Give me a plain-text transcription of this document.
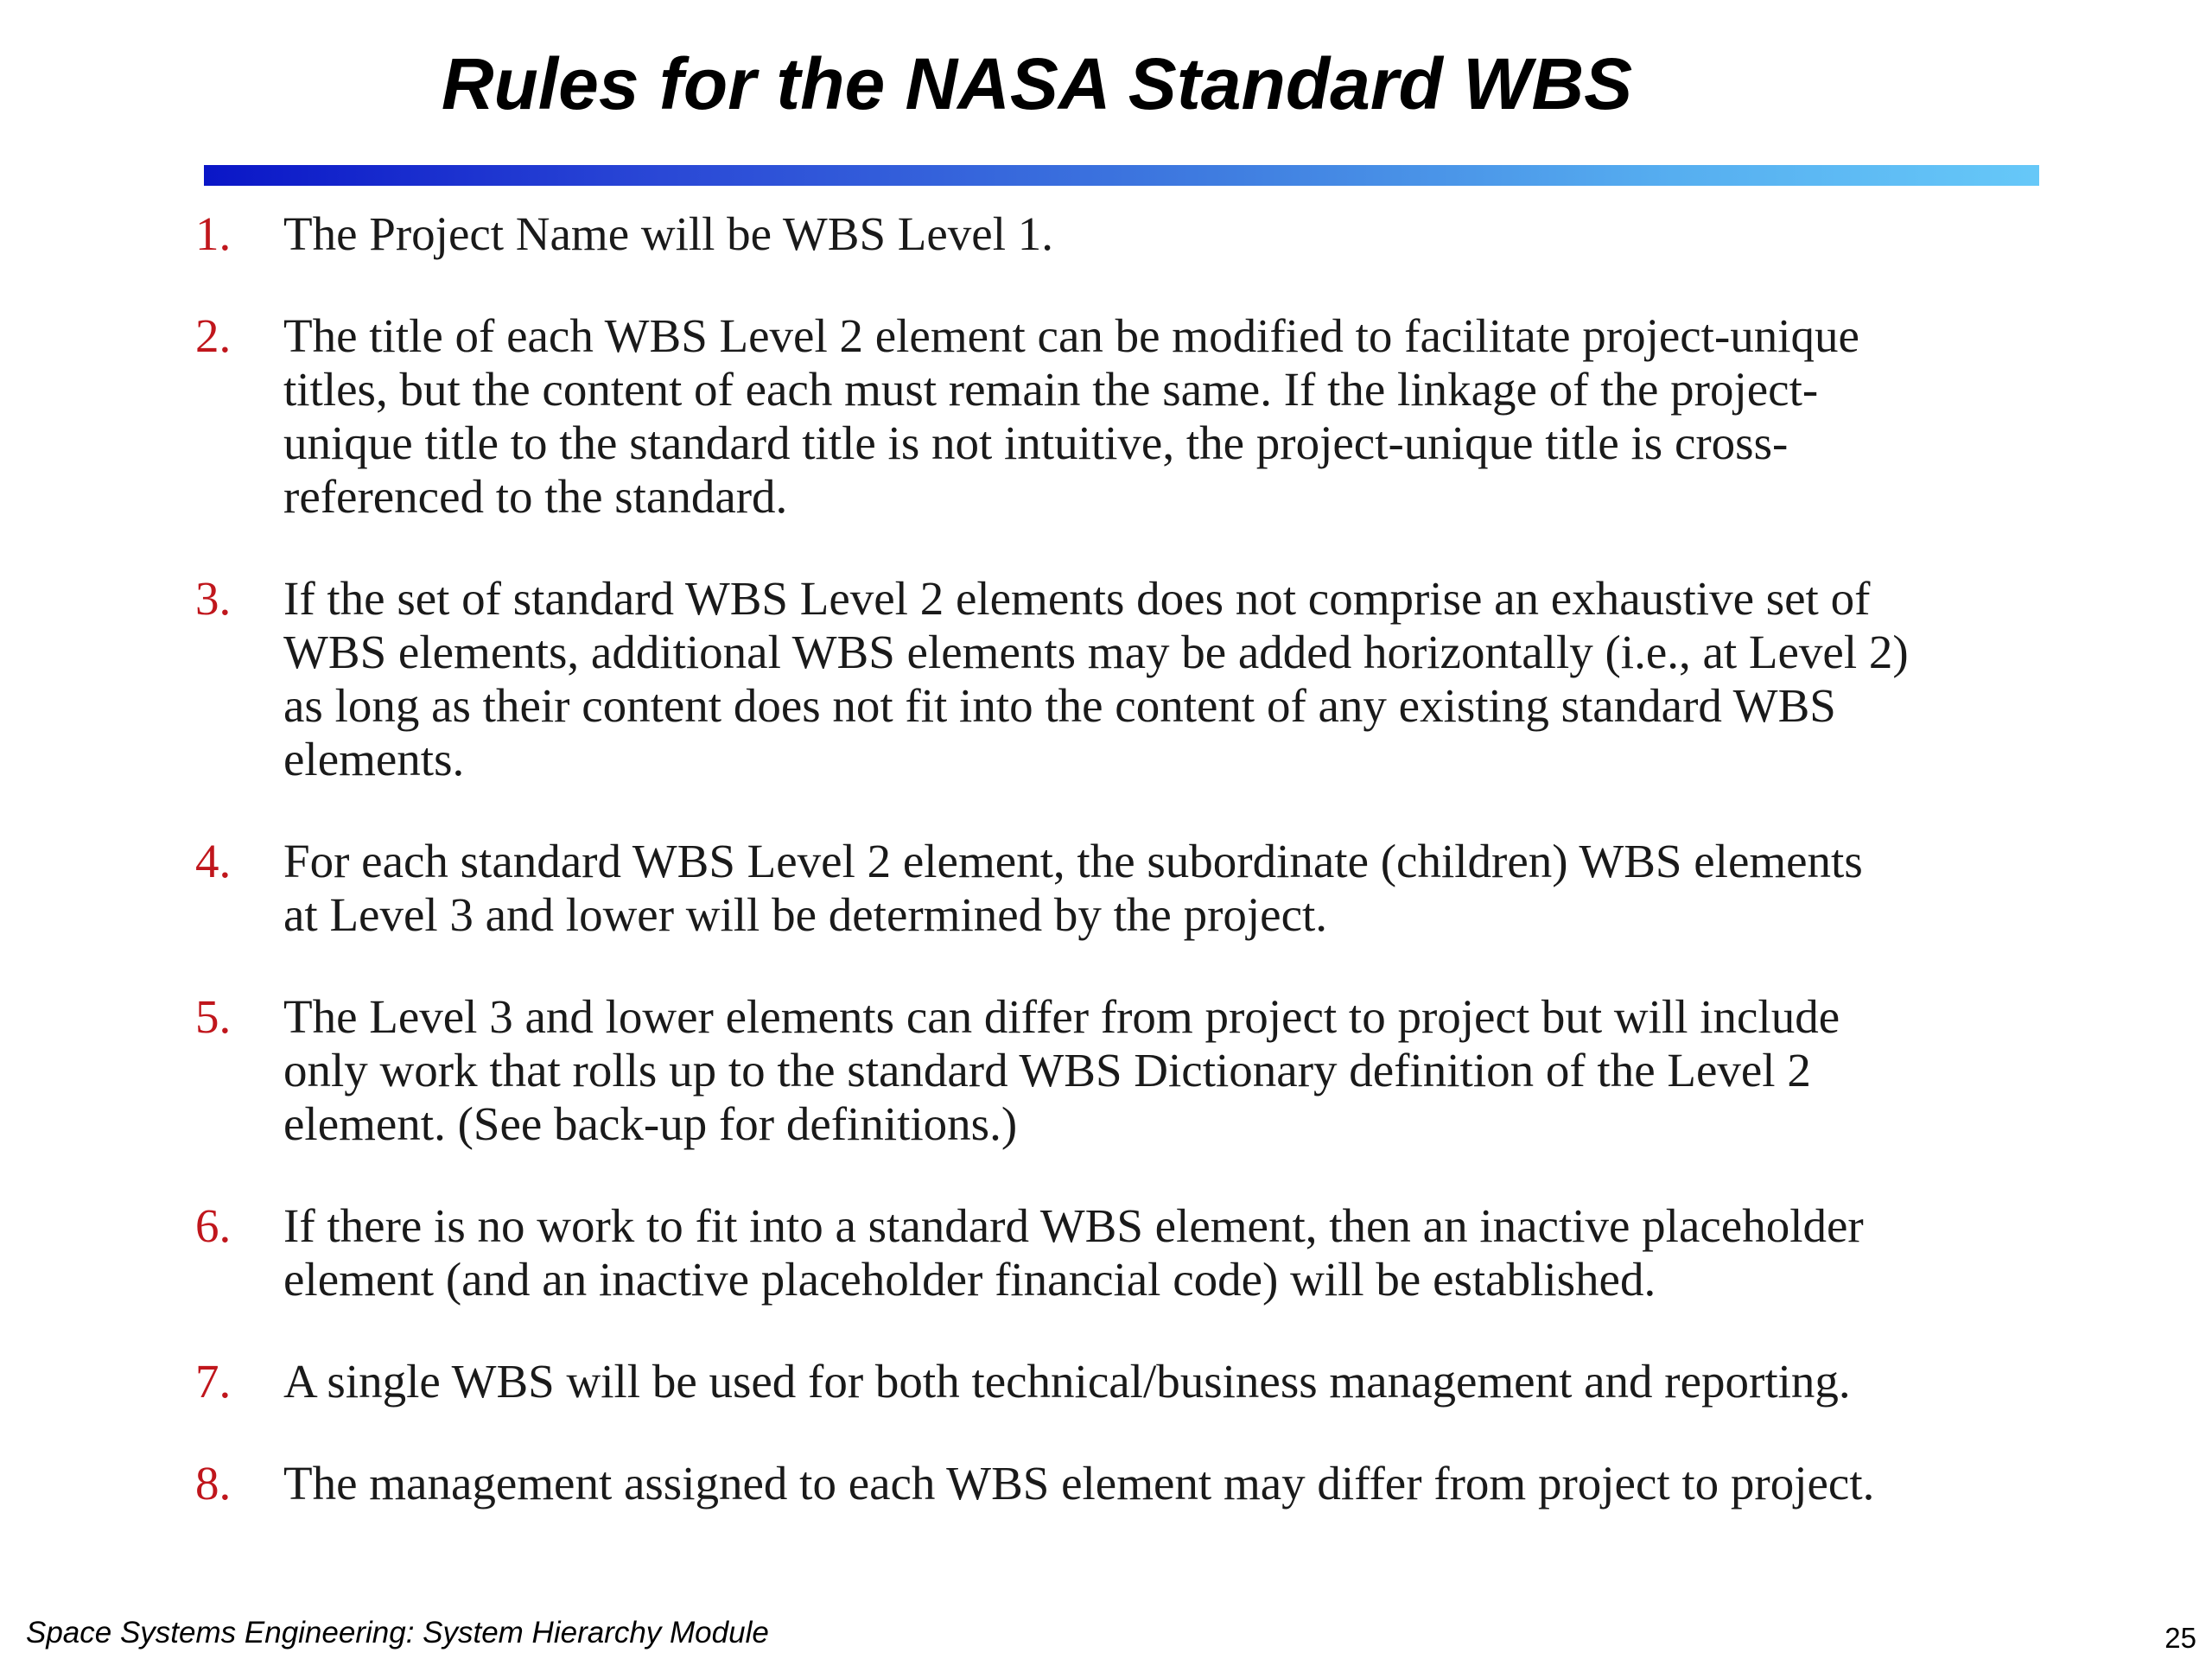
Rules for the NASA Standard WBS
1.	The Project Name will be WBS Level 1.
2.	The title of each WBS Level 2 element can be modified to facilitate project-unique
titles, but the content of each must remain the same. If the linkage of the project-
unique title to the standard title is not intuitive, the project-unique title is cross-
referenced to the standard.
3.	If the set of standard WBS Level 2 elements does not comprise an exhaustive set of
WBS elements, additional WBS elements may be added horizontally (i.e., at Level 2)
as long as their content does not fit into the content of any existing standard WBS
elements.
4.	For each standard WBS Level 2 element, the subordinate (children) WBS elements
at Level 3 and lower will be determined by the project.
5.	The Level 3 and lower elements can differ from project to project but will include
only work that rolls up to the standard WBS Dictionary definition of the Level 2
element. (See back-up for definitions.)
6.	If there is no work to fit into a standard WBS element, then an inactive placeholder
element (and an inactive placeholder financial code) will be established.
7.	A single WBS will be used for both technical/business management and reporting.
8.	The management assigned to each WBS element may differ from project to project.
Space Systems Engineering: System Hierarchy Module	25
